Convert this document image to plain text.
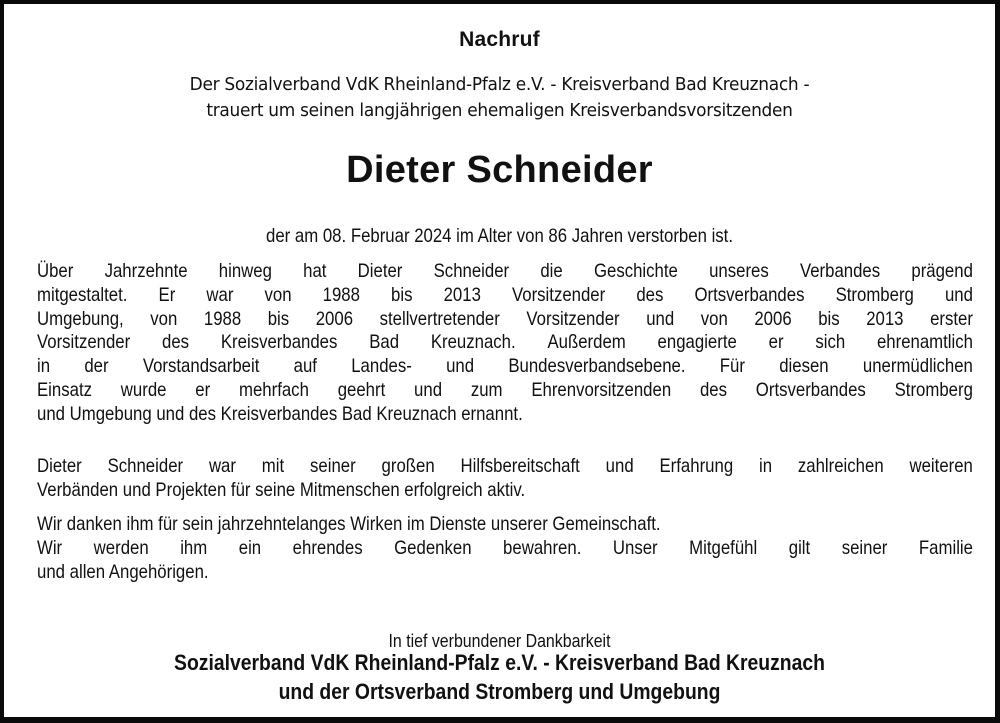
Nachruf
Der Sozialverband VdK Rheinland-Pfalz e.V. - Kreisverband Bad Kreuznach -
trauert um seinen langjährigen ehemaligen Kreisverbandsvorsitzenden
Dieter Schneider
der am 08. Februar 2024 im Alter von 86 Jahren verstorben ist.
Über Jahrzehnte hinweg hat Dieter Schneider die Geschichte unseres Verbandes prägend
mitgestaltet. Er war von 1988 bis 2013 Vorsitzender des Ortsverbandes Stromberg und
Umgebung, von 1988 bis 2006 stellvertretender Vorsitzender und von 2006 bis 2013 erster
Vorsitzender des Kreisverbandes Bad Kreuznach. Außerdem engagierte er sich ehrenamtlich
in der Vorstandsarbeit auf Landes- und Bundesverbandsebene. Für diesen unermüdlichen
Einsatz wurde er mehrfach geehrt und zum Ehrenvorsitzenden des Ortsverbandes Stromberg
und Umgebung und des Kreisverbandes Bad Kreuznach ernannt.
Dieter Schneider war mit seiner großen Hilfsbereitschaft und Erfahrung in zahlreichen weiteren
Verbänden und Projekten für seine Mitmenschen erfolgreich aktiv.
Wir danken ihm für sein jahrzehntelanges Wirken im Dienste unserer Gemeinschaft.
Wir werden ihm ein ehrendes Gedenken bewahren. Unser Mitgefühl gilt seiner Familie
und allen Angehörigen.
In tief verbundener Dankbarkeit
Sozialverband VdK Rheinland-Pfalz e.V. - Kreisverband Bad Kreuznach
und der Ortsverband Stromberg und Umgebung
